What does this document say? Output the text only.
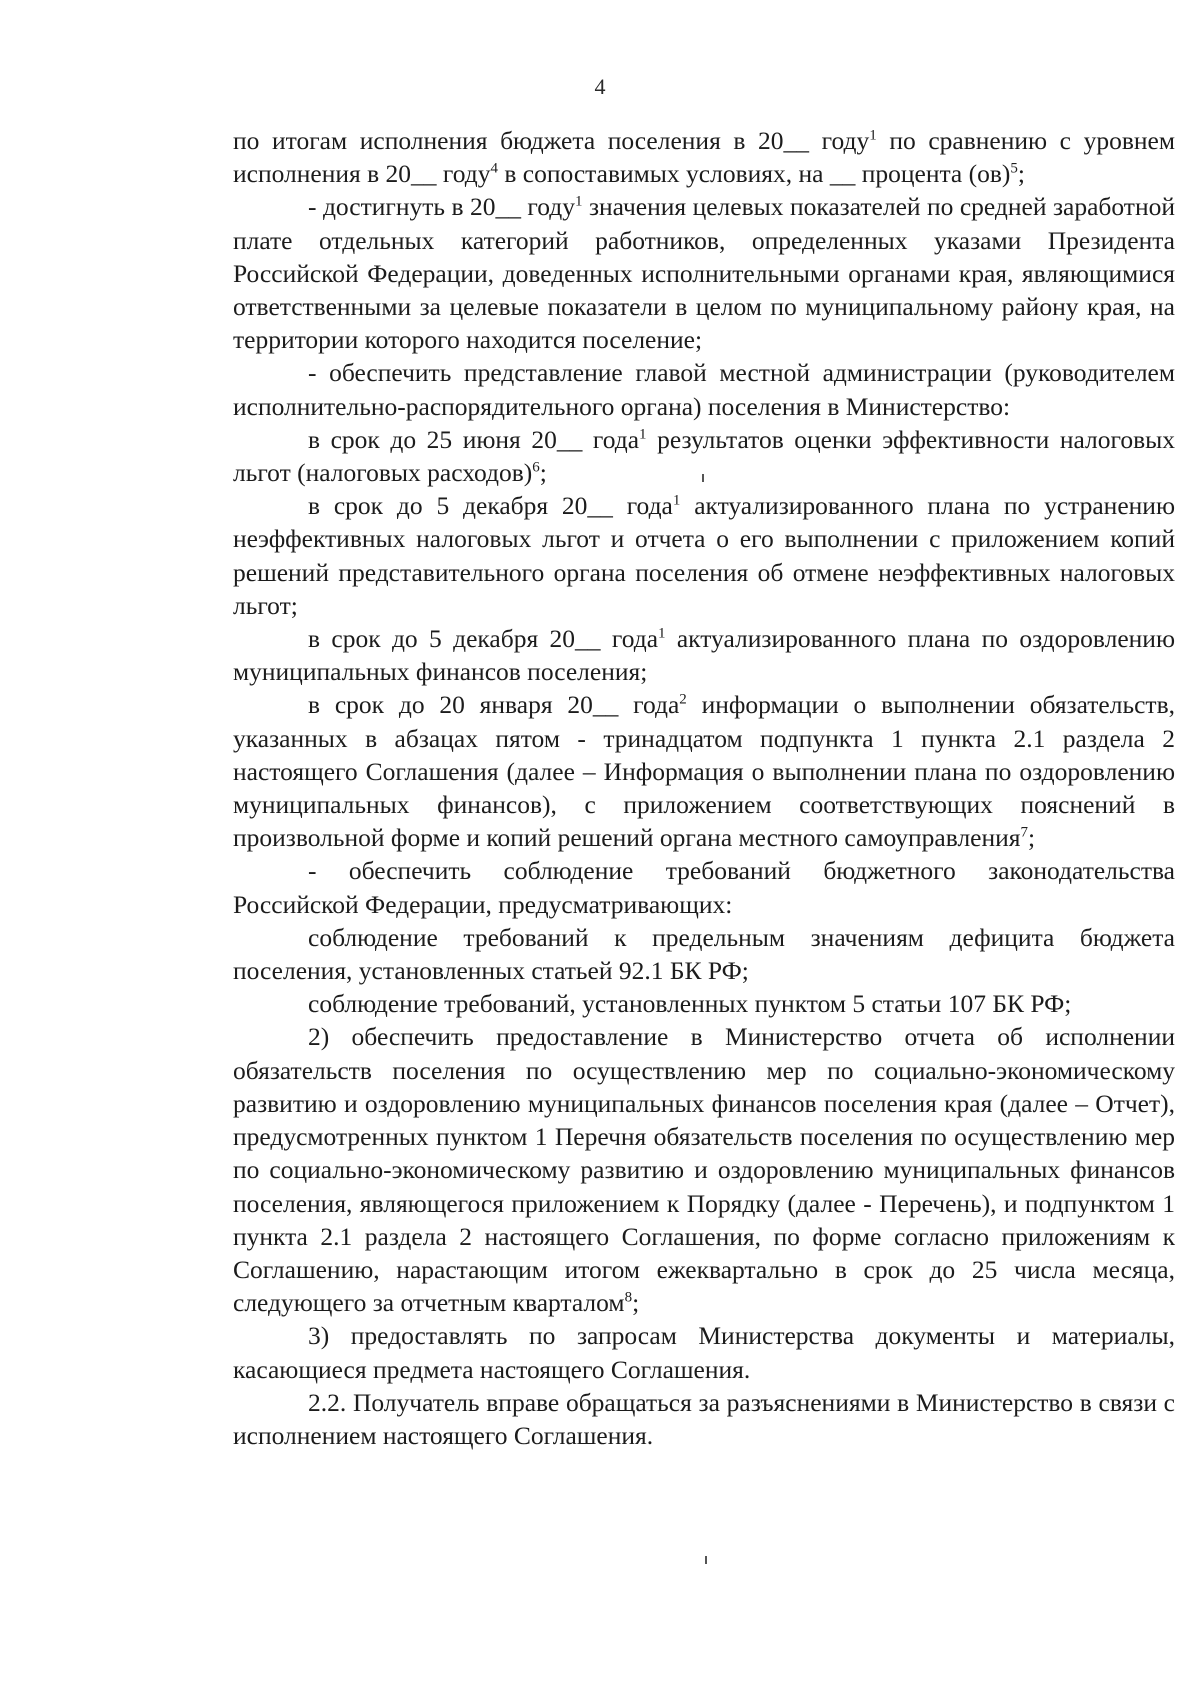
4

по итогам исполнения бюджета поселения в 20__ году$^1$ по сравнению с уровнем исполнения в 20__ году$^4$ в сопоставимых условиях, на __ процента (ов)$^5$;

- достигнуть в 20__ году$^1$ значения целевых показателей по средней заработной плате отдельных категорий работников, определенных указами Президента Российской Федерации, доведенных исполнительными органами края, являющимися ответственными за целевые показатели в целом по муниципальному району края, на территории которого находится поселение;

- обеспечить представление главой местной администрации (руководителем исполнительно-распорядительного органа) поселения в Министерство:

в срок до 25 июня 20__ года$^1$ результатов оценки эффективности налоговых льгот (налоговых расходов)$^6$;

в срок до 5 декабря 20__ года$^1$ актуализированного плана по устранению неэффективных налоговых льгот и отчета о его выполнении с приложением копий решений представительного органа поселения об отмене неэффективных налоговых льгот;

в срок до 5 декабря 20__ года$^1$ актуализированного плана по оздоровлению муниципальных финансов поселения;

в срок до 20 января 20__ года$^2$ информации о выполнении обязательств, указанных в абзацах пятом - тринадцатом подпункта 1 пункта 2.1 раздела 2 настоящего Соглашения (далее – Информация о выполнении плана по оздоровлению муниципальных финансов), с приложением соответствующих пояснений в произвольной форме и копий решений органа местного самоуправления$^7$;

- обеспечить соблюдение требований бюджетного законодательства Российской Федерации, предусматривающих:

соблюдение требований к предельным значениям дефицита бюджета поселения, установленных статьей 92.1 БК РФ;

соблюдение требований, установленных пунктом 5 статьи 107 БК РФ;

2) обеспечить предоставление в Министерство отчета об исполнении обязательств поселения по осуществлению мер по социально-экономическому развитию и оздоровлению муниципальных финансов поселения края (далее – Отчет), предусмотренных пунктом 1 Перечня обязательств поселения по осуществлению мер по социально-экономическому развитию и оздоровлению муниципальных финансов поселения, являющегося приложением к Порядку (далее - Перечень), и подпунктом 1 пункта 2.1 раздела 2 настоящего Соглашения, по форме согласно приложениям к Соглашению, нарастающим итогом ежеквартально в срок до 25 числа месяца, следующего за отчетным кварталом$^8$;

3) предоставлять по запросам Министерства документы и материалы, касающиеся предмета настоящего Соглашения.

2.2. Получатель вправе обращаться за разъяснениями в Министерство в связи с исполнением настоящего Соглашения.
